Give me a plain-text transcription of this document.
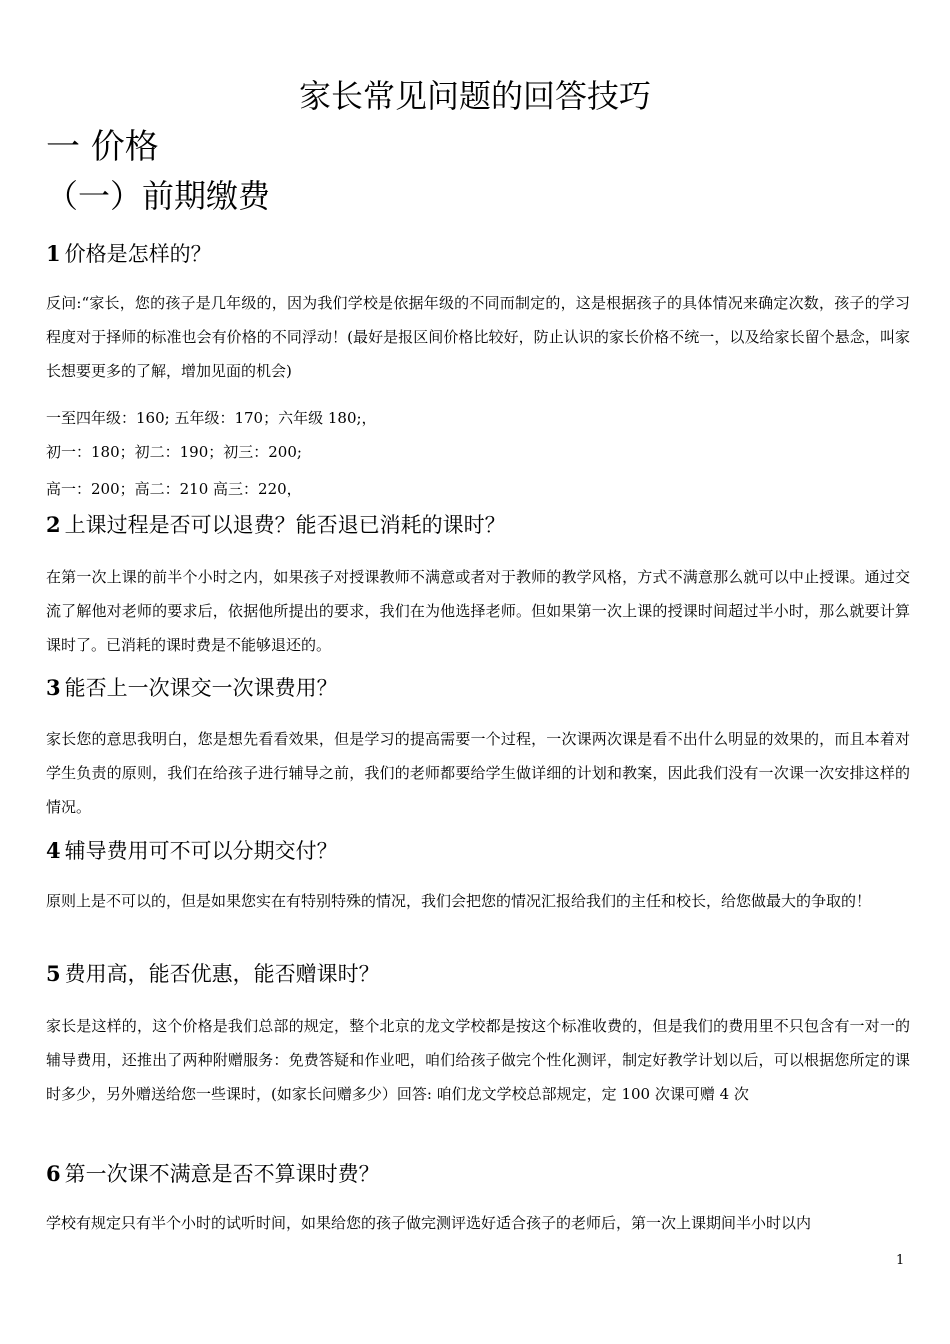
家长常见问题的回答技巧
一 价格
（一）前期缴费
1 价格是怎样的？
反问:“家长，您的孩子是几年级的，因为我们学校是依据年级的不同而制定的，这是根据孩子的具体情况来确定次数，孩子的学习程度对于择师的标准也会有价格的不同浮动！(最好是报区间价格比较好，防止认识的家长价格不统一，以及给家长留个悬念，叫家长想要更多的了解，增加见面的机会)
一至四年级：160; 五年级：170；六年级 180;，
初一：180；初二：190；初三：200;
高一：200；高二：210 高三：220，
2 上课过程是否可以退费？能否退已消耗的课时？
在第一次上课的前半个小时之内，如果孩子对授课教师不满意或者对于教师的教学风格，方式不满意那么就可以中止授课。通过交流了解他对老师的要求后，依据他所提出的要求，我们在为他选择老师。但如果第一次上课的授课时间超过半小时，那么就要计算课时了。已消耗的课时费是不能够退还的。
3 能否上一次课交一次课费用？
家长您的意思我明白，您是想先看看效果，但是学习的提高需要一个过程，一次课两次课是看不出什么明显的效果的，而且本着对学生负责的原则，我们在给孩子进行辅导之前，我们的老师都要给学生做详细的计划和教案，因此我们没有一次课一次安排这样的情况。
4 辅导费用可不可以分期交付？
原则上是不可以的，但是如果您实在有特别特殊的情况，我们会把您的情况汇报给我们的主任和校长，给您做最大的争取的！
5 费用高，能否优惠，能否赠课时？
家长是这样的，这个价格是我们总部的规定，整个北京的龙文学校都是按这个标准收费的，但是我们的费用里不只包含有一对一的辅导费用，还推出了两种附赠服务：免费答疑和作业吧，咱们给孩子做完个性化测评，制定好教学计划以后，可以根据您所定的课时多少，另外赠送给您一些课时，(如家长问赠多少）回答: 咱们龙文学校总部规定，定 100 次课可赠 4 次
6 第一次课不满意是否不算课时费？
学校有规定只有半个小时的试听时间，如果给您的孩子做完测评选好适合孩子的老师后，第一次上课期间半小时以内
1
